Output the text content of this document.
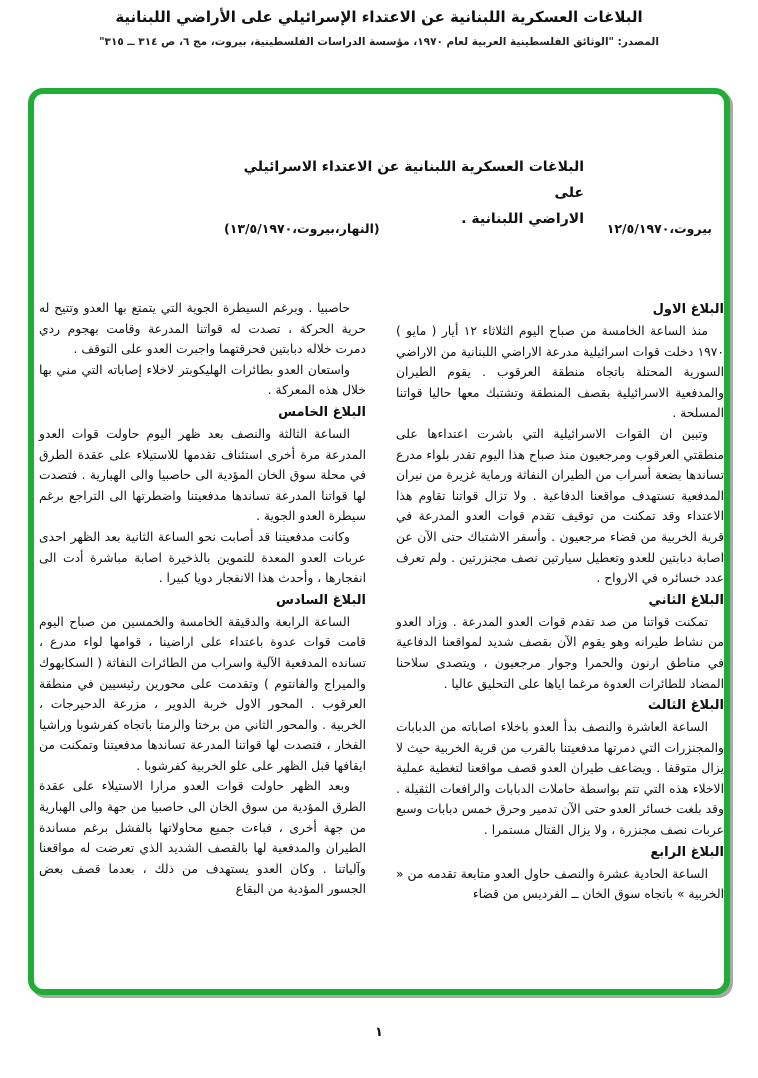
البلاغات العسكرية اللبنانية عن الاعتداء الإسرائيلي على الأراضي اللبنانية
المصدر: "الوثائق الفلسطينية العربية لعام ١٩٧٠، مؤسسة الدراسات الفلسطينية، بيروت، مج ٦، ص ٣١٤ ــ ٣١٥"
البلاغات العسكرية اللبنانية عن الاعتداء الاسرائيلي على
الاراضي اللبنانية .
بيروت،١٢/٥/١٩٧٠
(النهار،بيروت،١٣/٥/١٩٧٠)
البلاغ الاول

منذ الساعة الخامسة من صباح اليوم الثلاثاء ١٢ أيار ( مايو ) ١٩٧٠ دخلت قوات اسرائيلية مدرعة الاراضي اللبنانية من الاراضي السورية المحتلة باتجاه منطقة العرقوب . يقوم الطيران والمدفعية الاسرائيلية بقصف المنطقة وتشتبك معها حاليا قواتنا المسلحة .

وتبين ان القوات الاسرائيلية التي باشرت اعتداءها على منطقتي العرقوب ومرجعيون منذ صباح هذا اليوم تقدر بلواء مدرع تساندها بضعة أسراب من الطيران النفاثة ورماية غزيرة من نيران المدفعية تستهدف مواقعنا الدفاعية . ولا تزال قواتنا تقاوم هذا الاعتداء وقد تمكنت من توقيف تقدم قوات العدو المدرعة في قرية الخربية من قضاء مرجعيون . وأسفر الاشتباك حتى الآن عن اصابة دبابتين للعدو وتعطيل سيارتين نصف مجنزرتين . ولم تعرف عدد خسائره في الارواح .

البلاغ الثاني

تمكنت قواتنا من صد تقدم قوات العدو المدرعة . وزاد العدو من نشاط طيرانه وهو يقوم الآن بقصف شديد لمواقعنا الدفاعية في مناطق ارنون والحمرا وجوار مرجعيون ، ويتصدى سلاحنا المضاد للطائرات العدوة مرغما اياها على التحليق عاليا .

البلاغ الثالث

الساعة العاشرة والنصف بدأ العدو باخلاء اصاباته من الدبابات والمجنزرات التي دمرتها مدفعيتنا بالقرب من قرية الخربية حيث لا يزال متوقفا . ويضاعف طيران العدو قصف مواقعنا لتغطية عملية الاخلاء هذه التي تتم بواسطة حاملات الدبابات والرافعات الثقيلة . وقد بلغت خسائر العدو حتى الآن تدمير وحرق خمس دبابات وسبع عربات نصف مجنزرة ، ولا يزال القتال مستمرا .

البلاغ الرابع

الساعة الحادية عشرة والنصف حاول العدو متابعة تقدمه من « الخربية » باتجاه سوق الخان ــ الفرديس من قضاء

حاصبيا . وبرغم السيطرة الجوية التي يتمتع بها العدو وتتيح له حرية الحركة ، تصدت له قواتنا المدرعة وقامت بهجوم ردي دمرت خلاله دبابتين فحرقتهما واجبرت العدو على التوقف .

واستعان العدو بطائرات الهليكوبتر لاخلاء إصاباته التي مني بها خلال هذه المعركة .

البلاغ الخامس

الساعة الثالثة والنصف بعد ظهر اليوم حاولت قوات العدو المدرعة مرة أخرى استئناف تقدمها للاستيلاء على عقدة الطرق في محلة سوق الخان المؤدية الى حاصبيا والى الهبارية . فتصدت لها قواتنا المدرعة تساندها مدفعيتنا واضطرتها الى التراجع برغم سيطرة العدو الجوية .

وكانت مدفعيتنا قد أصابت نحو الساعة الثانية بعد الظهر احدى عربات العدو المعدة للتموين بالذخيرة اصابة مباشرة أدت الى انفجارها ، وأحدث هذا الانفجار دويا كبيرا .

البلاغ السادس

الساعة الرابعة والدقيقة الخامسة والخمسين من صباح اليوم قامت قوات عدوة باعتداء على اراضينا ، قوامها لواء مدرع ، تسانده المدفعية الآلية واسراب من الطائرات النفاثة ( السكايهوك والميراج والفانتوم ) وتقدمت على محورين رئيسيين في منطقة العرقوب . المحور الاول خربة الدوير ، مزرعة الدحيرجات ، الخربية . والمحور الثاني من برختا والرمتا باتجاه كفرشوبا وراشيا الفخار ، فتصدت لها قواتنا المدرعة تساندها مدفعيتنا وتمكنت من ايقافها قبل الظهر على علو الخربية كفرشوبا .

وبعد الظهر حاولت قوات العدو مرارا الاستيلاء على عقدة الطرق المؤدية من سوق الخان الى حاصبيا من جهة والى الهبارية من جهة أخرى ، فباءت جميع محاولاتها بالفشل برغم مساندة الطيران والمدفعية لها بالقصف الشديد الذي تعرضت له مواقعنا وآلياتنا . وكان العدو يستهدف من ذلك ، بعدما قصف بعض الجسور المؤدية من البقاع

١
